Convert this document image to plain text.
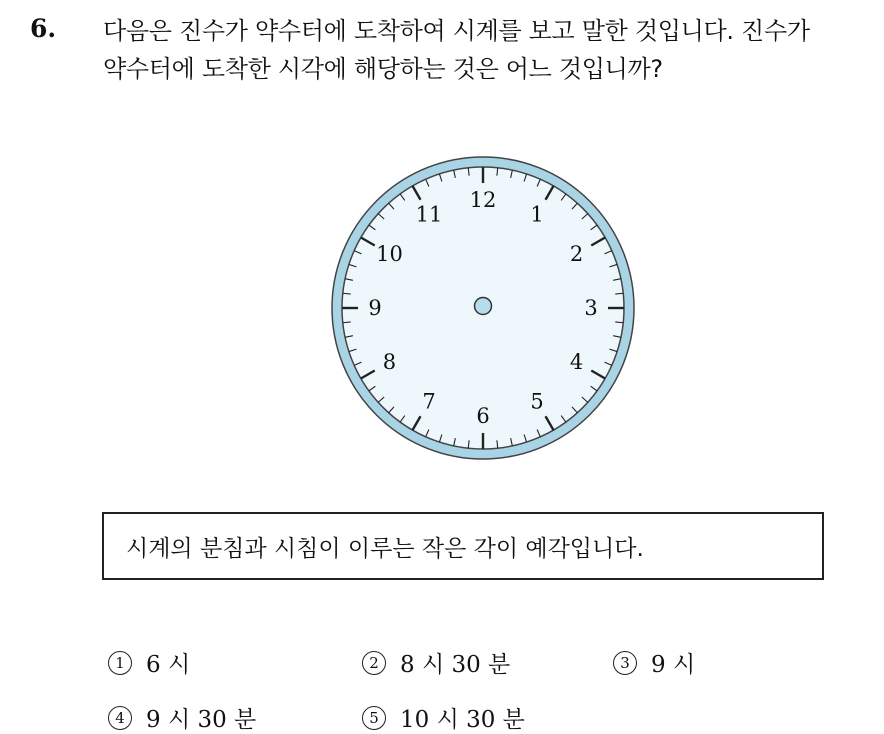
6. 다음은 진수가 약수터에 도착하여 시계를 보고 말한 것입니다. 진수가
약수터에 도착한 시각에 해당하는 것은 어느 것입니까?
12
1
2
3
4
5
6
7
8
9
10
11
시계의 분침과 시침이 이루는 작은 각이 예각입니다.
1 6 시	2 8 시 30 분	3 9 시
4 9 시 30 분	5 10 시 30 분
